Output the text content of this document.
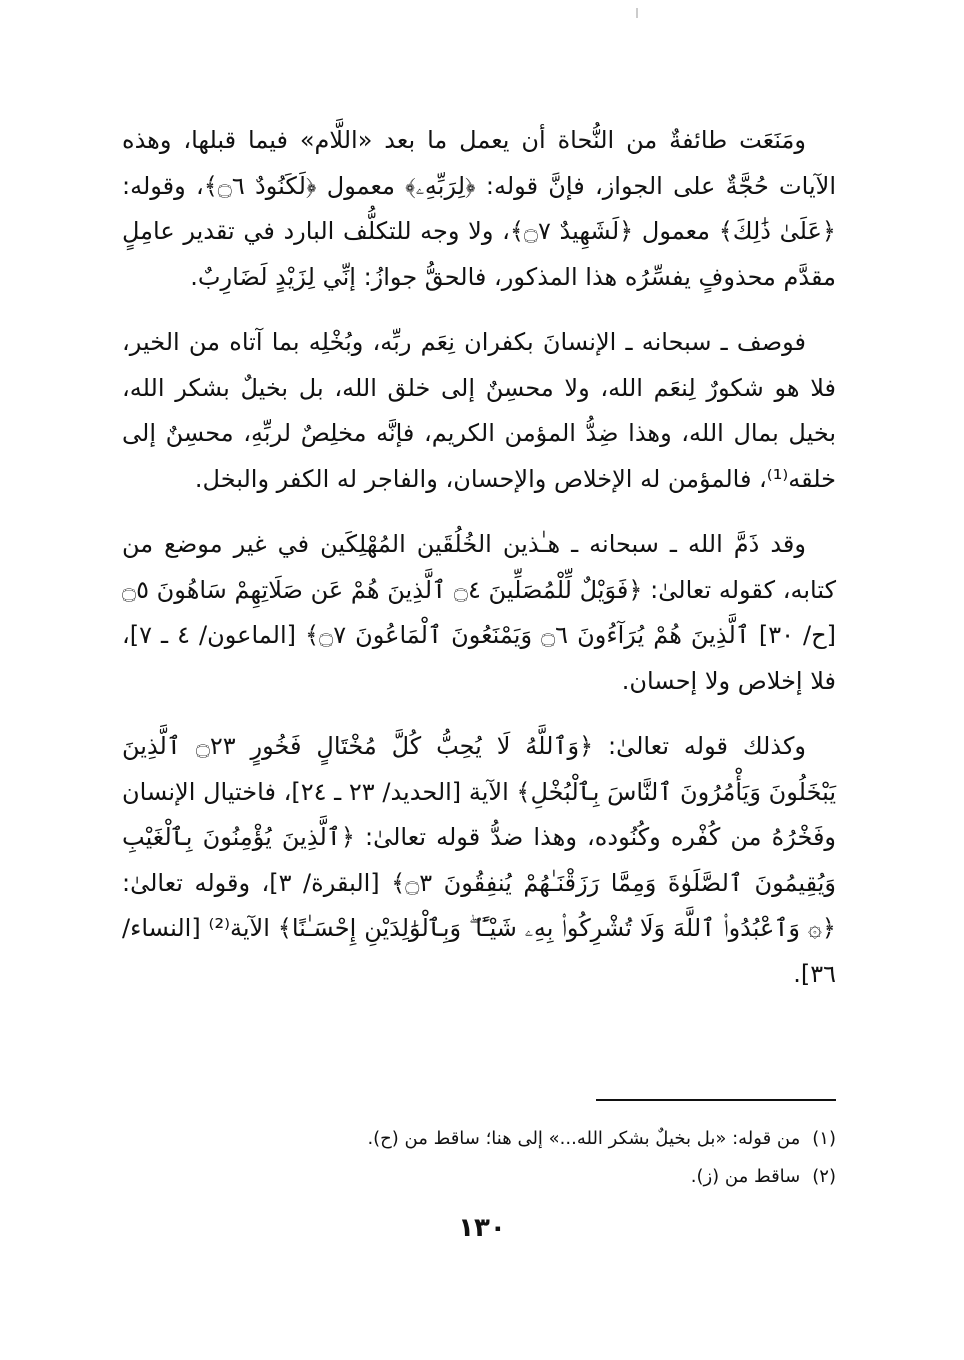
ومَنَعَت طائفةٌ من النُّحاة أن يعمل ما بعد «اللَّام» فيما قبلها، وهذه الآيات حُجَّةٌ على الجواز، فإنَّ قوله: ﴿لِرَبِّهِۦ﴾ معمول ﴿لَكَنُودٌ ۝٦﴾، وقوله: ﴿عَلَىٰ ذَٰلِكَ﴾ معمول ﴿لَشَهِيدٌ ۝٧﴾، ولا وجه للتكلُّف البارد في تقدير عامِلٍ مقدَّم محذوفٍ يفسِّرُه هذا المذكور، فالحقُّ جوازُ: إنِّي لِزَيْدٍ لَضَارِبٌ.

فوصف ـ سبحانه ـ الإنسانَ بكفران نِعَم ربِّه، وبُخْلِه بما آتاه من الخير، فلا هو شكورٌ لِنعَم الله، ولا محسِنٌ إلى خلق الله، بل بخيلٌ بشكر الله، بخيل بمال الله، وهذا ضِدُّ المؤمن الكريم، فإنَّه مخلِصٌ لربِّهِ، محسِنٌ إلى خلقه⁽¹⁾، فالمؤمن له الإخلاص والإحسان، والفاجر له الكفر والبخل.

وقد ذَمَّ الله ـ سبحانه ـ هـٰذين الخُلُقَين المُهْلِكَين في غير موضع من كتابه، كقوله تعالىٰ: ﴿فَوَيْلٌ لِّلْمُصَلِّينَ ۝٤ ٱلَّذِينَ هُمْ عَن صَلَاتِهِمْ سَاهُونَ ۝٥ [ح/ ٣٠] ٱلَّذِينَ هُمْ يُرَآءُونَ ۝٦ وَيَمْنَعُونَ ٱلْمَاعُونَ ۝٧﴾ [الماعون/ ٤ ـ ٧]، فلا إخلاص ولا إحسان.

وكذلك قوله تعالىٰ: ﴿وَٱللَّهُ لَا يُحِبُّ كُلَّ مُخْتَالٍ فَخُورٍ ۝٢٣ ٱلَّذِينَ يَبْخَلُونَ وَيَأْمُرُونَ ٱلنَّاسَ بِٱلْبُخْلِ﴾ الآية [الحديد/ ٢٣ ـ ٢٤]، فاختيال الإنسان وفَخْرُهُ من كُفْره وكُنُوده، وهذا ضدُّ قوله تعالىٰ: ﴿ٱلَّذِينَ يُؤْمِنُونَ بِٱلْغَيْبِ وَيُقِيمُونَ ٱلصَّلَوٰةَ وَمِمَّا رَزَقْنَـٰهُمْ يُنفِقُونَ ۝٣﴾ [البقرة/ ٣]، وقوله تعالىٰ: ﴿۞ وَٱعْبُدُوا۟ ٱللَّهَ وَلَا تُشْرِكُوا۟ بِهِۦ شَيْـًٔا ۖ وَبِٱلْوَٰلِدَيْنِ إِحْسَـٰنًا﴾ الآية⁽²⁾ [النساء/ ٣٦].

(١)
من قوله: «بل بخيلٌ بشكر الله...» إلى هنا؛ ساقط من (ح).
(٢)
ساقط من (ز).
١٣٠
